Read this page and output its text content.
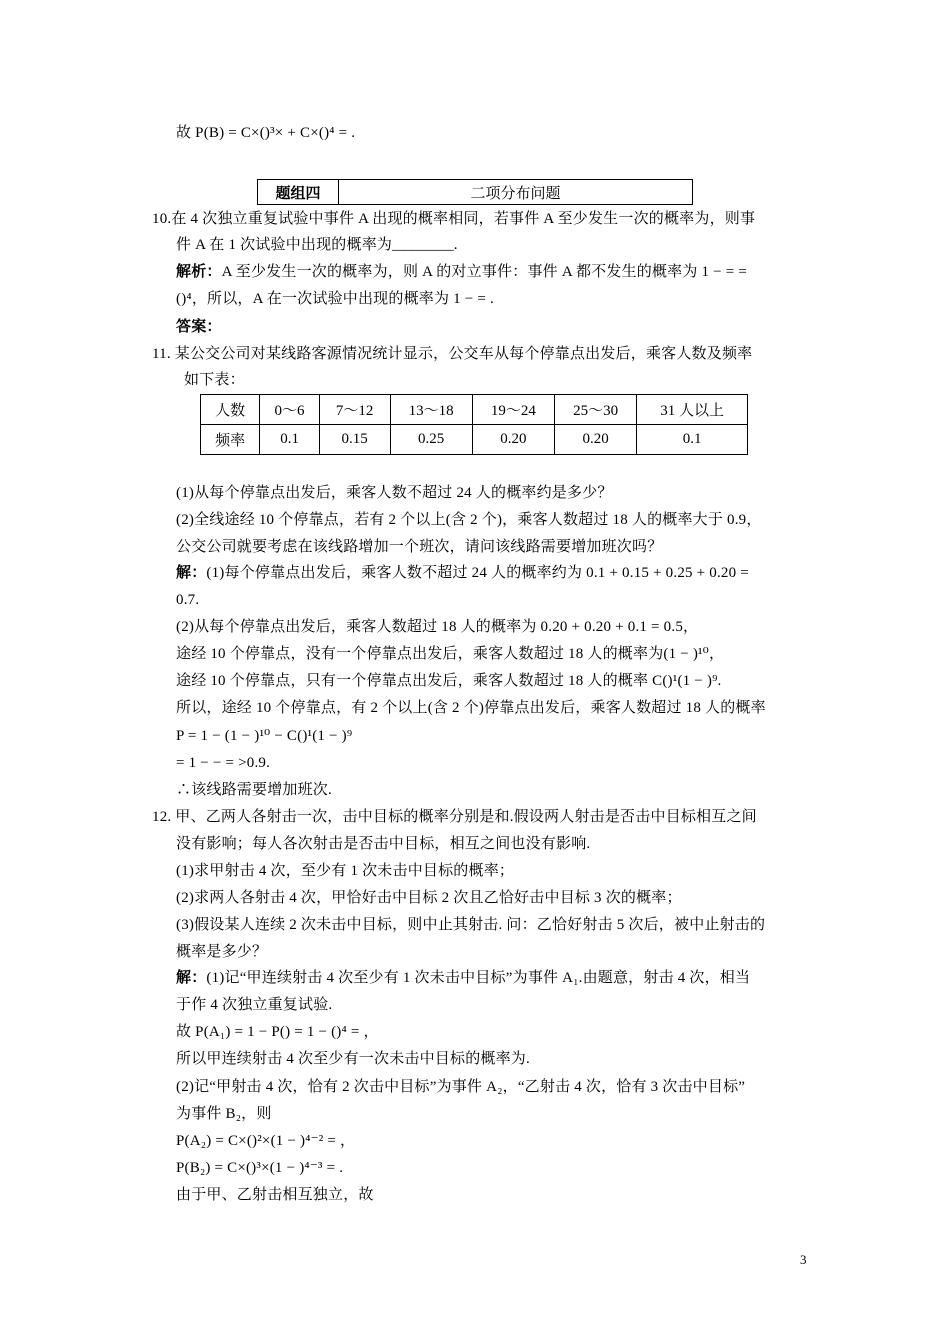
故 P(B) = C×()³× + C×()⁴ = .
题组四	二项分布问题
10.在 4 次独立重复试验中事件 A 出现的概率相同，若事件 A 至少发生一次的概率为，则事
件 A 在 1 次试验中出现的概率为________.
解析：A 至少发生一次的概率为，则 A 的对立事件：事件 A 都不发生的概率为 1 − = =
()⁴，所以，A 在一次试验中出现的概率为 1 − = .
答案：
11. 某公交公司对某线路客源情况统计显示，公交车从每个停靠点出发后，乘客人数及频率
如下表：
人数	0～6	7～12	13～18	19～24	25～30	31 人以上
频率	0.1	0.15	0.25	0.20	0.20	0.1
(1)从每个停靠点出发后，乘客人数不超过 24 人的概率约是多少？
(2)全线途经 10 个停靠点，若有 2 个以上(含 2 个)，乘客人数超过 18 人的概率大于 0.9，
公交公司就要考虑在该线路增加一个班次，请问该线路需要增加班次吗？
解：(1)每个停靠点出发后，乘客人数不超过 24 人的概率约为 0.1 + 0.15 + 0.25 + 0.20 =
0.7.
(2)从每个停靠点出发后，乘客人数超过 18 人的概率为 0.20 + 0.20 + 0.1 = 0.5，
途经 10 个停靠点，没有一个停靠点出发后，乘客人数超过 18 人的概率为(1 − )¹⁰，
途经 10 个停靠点，只有一个停靠点出发后，乘客人数超过 18 人的概率 C()¹(1 − )⁹.
所以，途经 10 个停靠点，有 2 个以上(含 2 个)停靠点出发后，乘客人数超过 18 人的概率
P = 1 − (1 − )¹⁰ − C()¹(1 − )⁹
= 1 − − = >0.9.
∴该线路需要增加班次.
12. 甲、乙两人各射击一次，击中目标的概率分别是和.假设两人射击是否击中目标相互之间
没有影响；每人各次射击是否击中目标，相互之间也没有影响.
(1)求甲射击 4 次，至少有 1 次未击中目标的概率；
(2)求两人各射击 4 次，甲恰好击中目标 2 次且乙恰好击中目标 3 次的概率；
(3)假设某人连续 2 次未击中目标，则中止其射击. 问：乙恰好射击 5 次后，被中止射击的
概率是多少？
解：(1)记“甲连续射击 4 次至少有 1 次未击中目标”为事件 A₁.由题意，射击 4 次，相当
于作 4 次独立重复试验.
故 P(A₁) = 1 − P() = 1 − ()⁴ = ，
所以甲连续射击 4 次至少有一次未击中目标的概率为.
(2)记“甲射击 4 次，恰有 2 次击中目标”为事件 A₂，“乙射击 4 次，恰有 3 次击中目标”
为事件 B₂，则
P(A₂) = C×()²×(1 − )⁴⁻² = ，
P(B₂) = C×()³×(1 − )⁴⁻³ = .
由于甲、乙射击相互独立，故
3
